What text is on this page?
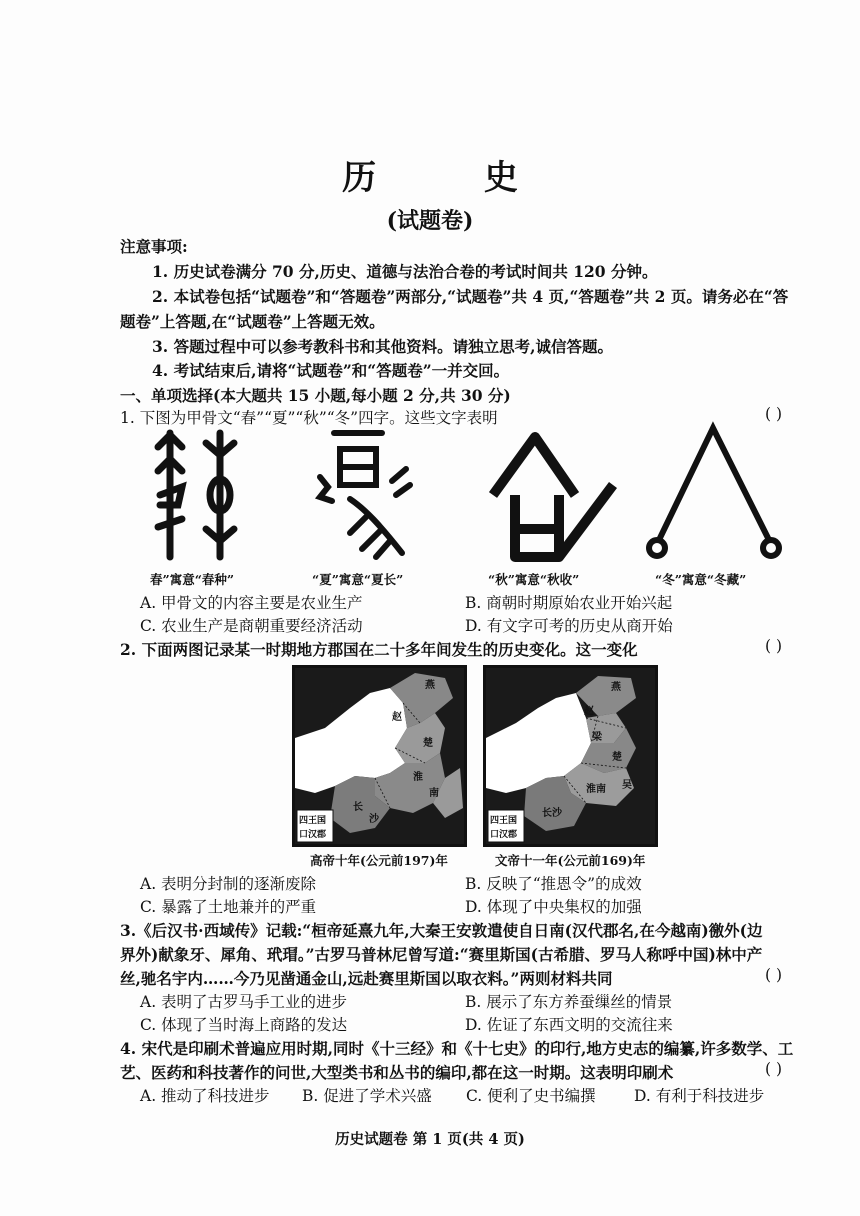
历 史
(试题卷)
注意事项:
1. 历史试卷满分 70 分,历史、道德与法治合卷的考试时间共 120 分钟。
2. 本试卷包括“试题卷”和“答题卷”两部分,“试题卷”共 4 页,“答题卷”共 2 页。请务必在“答
题卷”上答题,在“试题卷”上答题无效。
3. 答题过程中可以参考教科书和其他资料。请独立思考,诚信答题。
4. 考试结束后,请将“试题卷”和“答题卷”一并交回。
一、单项选择(本大题共 15 小题,每小题 2 分,共 30 分)
1. 下图为甲骨文“春”“夏”“秋”“冬”四字。这些文字表明	( )
春”寓意“春种”	“夏”寓意“夏长”	“秋”寓意“秋收”	“冬”寓意“冬藏”
A. 甲骨文的内容主要是农业生产	B. 商朝时期原始农业开始兴起
C. 农业生产是商朝重要经济活动	D. 有文字可考的历史从商开始
2. 下面两图记录某一时期地方郡国在二十多年间发生的历史变化。这一变化	( )
燕
赵
楚
淮
南
长
沙
四王国
口汉郡
高帝十年(公元前197)年
燕
赵
梁
楚
吴
淮南
长沙
四王国
口汉郡
文帝十一年(公元前169)年
A. 表明分封制的逐渐废除	B. 反映了“推恩令”的成效
C. 暴露了土地兼并的严重	D. 体现了中央集权的加强
3.《后汉书·西域传》记载:“桓帝延熹九年,大秦王安敦遣使自日南(汉代郡名,在今越南)徼外(边
界外)献象牙、犀角、玳瑁。”古罗马普林尼曾写道:“赛里斯国(古希腊、罗马人称呼中国)林中产
丝,驰名宇内……今乃见凿通金山,远赴赛里斯国以取衣料。”两则材料共同	( )
A. 表明了古罗马手工业的进步	B. 展示了东方养蚕缫丝的情景
C. 体现了当时海上商路的发达	D. 佐证了东西文明的交流往来
4. 宋代是印刷术普遍应用时期,同时《十三经》和《十七史》的印行,地方史志的编纂,许多数学、工
艺、医药和科技著作的问世,大型类书和丛书的编印,都在这一时期。这表明印刷术	( )
A. 推动了科技进步 B. 促进了学术兴盛 C. 便利了史书编撰 D. 有利于科技进步
历史试题卷 第 1 页(共 4 页)
